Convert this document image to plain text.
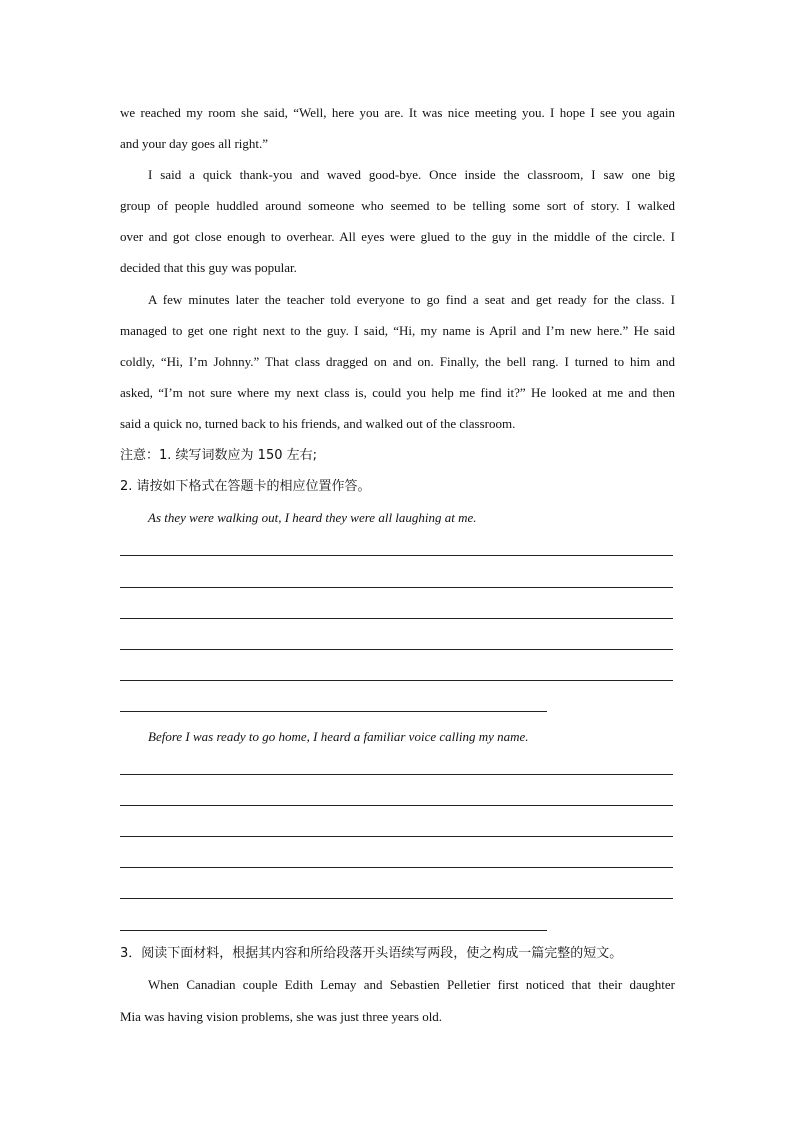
we reached my room she said, “Well, here you are. It was nice meeting you. I hope I see you again
and your day goes all right.”
I said a quick thank-you and waved good-bye. Once inside the classroom, I saw one big
group of people huddled around someone who seemed to be telling some sort of story. I walked
over and got close enough to overhear. All eyes were glued to the guy in the middle of the circle. I
decided that this guy was popular.
A few minutes later the teacher told everyone to go find a seat and get ready for the class. I
managed to get one right next to the guy. I said, “Hi, my name is April and I’m new here.” He said
coldly, “Hi, I’m Johnny.” That class dragged on and on. Finally, the bell rang. I turned to him and
asked, “I’m not sure where my next class is, could you help me find it?” He looked at me and then
said a quick no, turned back to his friends, and walked out of the classroom.
注意：1. 续写词数应为 150 左右;
2. 请按如下格式在答题卡的相应位置作答。
As they were walking out, I heard they were all laughing at me.
Before I was ready to go home, I heard a familiar voice calling my name.
3．阅读下面材料，根据其内容和所给段落开头语续写两段，使之构成一篇完整的短文。
When Canadian couple Edith Lemay and Sebastien Pelletier first noticed that their daughter
Mia was having vision problems, she was just three years old.
